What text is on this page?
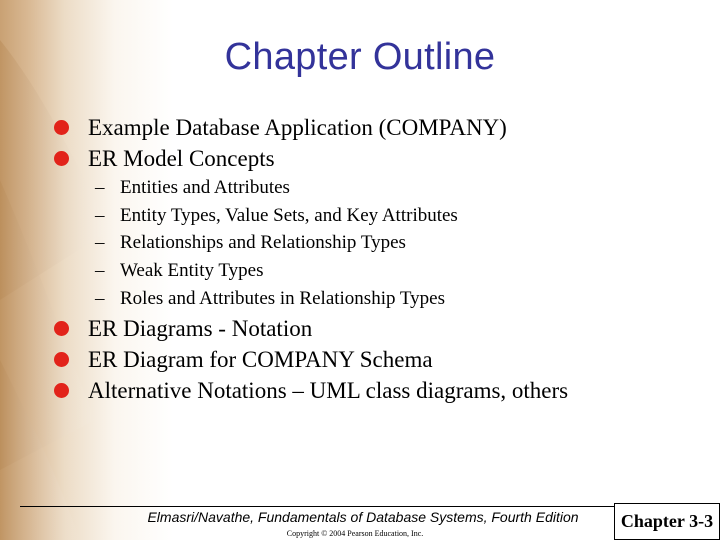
Chapter Outline
Example Database Application (COMPANY)
ER Model Concepts
– Entities and Attributes
– Entity Types, Value Sets, and Key Attributes
– Relationships and Relationship Types
– Weak Entity Types
– Roles and Attributes in Relationship Types
ER Diagrams - Notation
ER Diagram for COMPANY Schema
Alternative Notations – UML class diagrams, others
Elmasri/Navathe, Fundamentals of Database Systems, Fourth Edition
Copyright © 2004 Pearson Education, Inc.
Chapter 3-3
